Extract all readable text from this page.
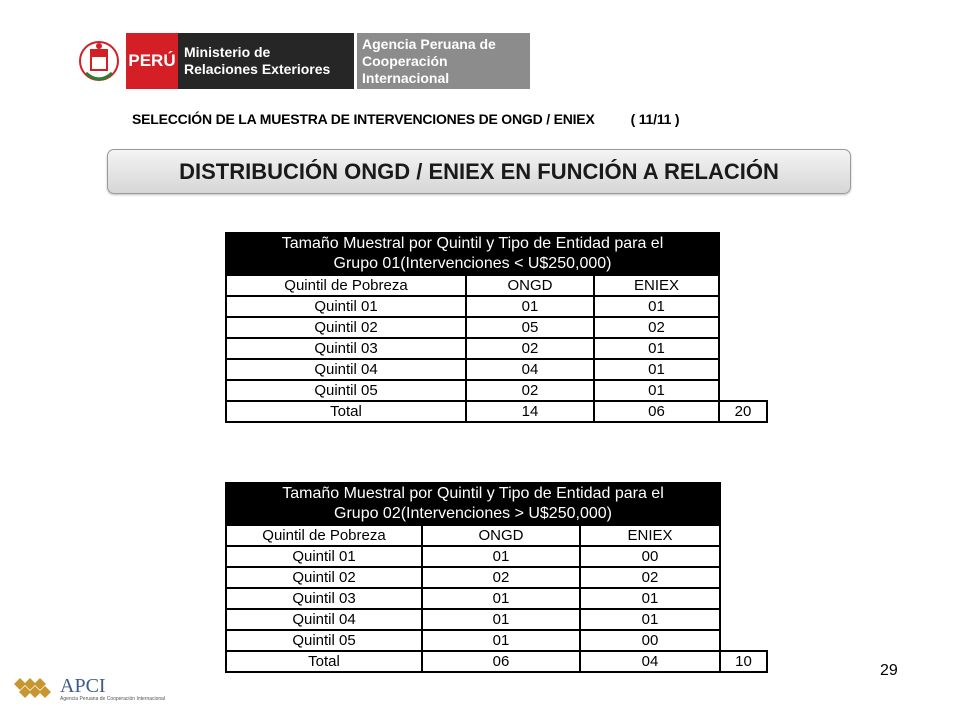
PERÚ Ministerio de
Relaciones Exteriores
Agencia Peruana de
Cooperación Internacional
SELECCIÓN DE LA MUESTRA DE INTERVENCIONES DE ONGD / ENIEX	( 11/11 )
DISTRIBUCIÓN ONGD / ENIEX EN FUNCIÓN A RELACIÓN
Tamaño Muestral por Quintil y Tipo de Entidad para el
Grupo 01(Intervenciones < U$250,000)			

Quintil de Pobreza	ONGD	ENIEX	
Quintil 01	01	01	
Quintil 02	05	02	
Quintil 03	02	01	
Quintil 04	04	01	
Quintil 05	02	01	
Total	14	06	20
Tamaño Muestral por Quintil y Tipo de Entidad para el
Grupo 02(Intervenciones > U$250,000)			

Quintil de Pobreza	ONGD	ENIEX	
Quintil 01	01	00	
Quintil 02	02	02	
Quintil 03	01	01	
Quintil 04	01	01	
Quintil 05	01	00	
Total	06	04	10
29
APCI
Agencia Peruana de Cooperación Internacional
